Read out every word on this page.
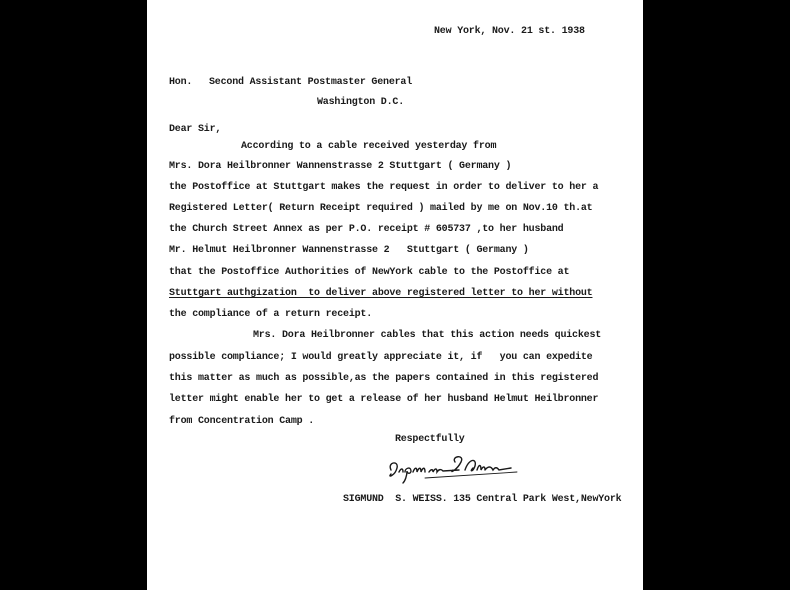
New York, Nov. 21 st. 1938
Hon. Second Assistant Postmaster General
Washington D.C.
Dear Sir,
According to a cable received yesterday from
Mrs. Dora Heilbronner Wannenstrasse 2 Stuttgart ( Germany )
the Postoffice at Stuttgart makes the request in order to deliver to her a
Registered Letter( Return Receipt required ) mailed by me on Nov.10 th.at
the Church Street Annex as per P.O. receipt # 605737 ,to her husband
Mr. Helmut Heilbronner Wannenstrasse 2   Stuttgart ( Germany )
that the Postoffice Authorities of NewYork cable to the Postoffice at
Stuttgart authgization  to deliver above registered letter to her without
the compliance of a return receipt.
Mrs. Dora Heilbronner cables that this action needs quickest
possible compliance; I would greatly appreciate it, if   you can expedite
this matter as much as possible,as the papers contained in this registered
letter might enable her to get a release of her husband Helmut Heilbronner
from Concentration Camp .
Respectfully
SIGMUND  S. WEISS. 135 Central Park West,NewYork
